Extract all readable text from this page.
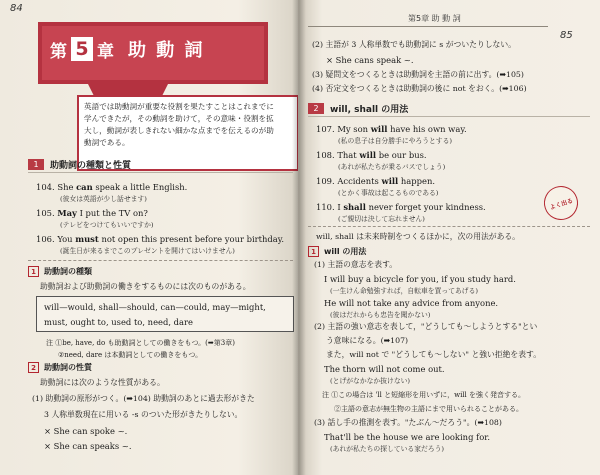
84
第 5 章 助 動 詞
英語では助動詞が重要な役割を果たすことはこれまでに
学んできたが，その動詞を助けて，その意味・役割を拡
大し，動詞が表しきれない細かな点までを伝えるのが助
動詞である。
1	助動詞の種類と性質
104. She can speak a little English.
(彼女は英語が少し話せます)
105. May I put the TV on?
(テレビをつけてもいいですか)
106. You must not open this present before your birthday.
(誕生日が来るまでこのプレゼントを開けてはいけません)
1	助動詞の種類
助動詞および助動詞の働きをするものには次のものがある。
will—would, shall—should, can—could, may—might,
must, ought to, used to, need, dare
注 ①be, have, do も助動詞としての働きをもつ。(➡第3章)
②need, dare は本動詞としての働きをもつ。
2	助動詞の性質
助動詞には次のような性質がある。
(1) 助動詞の原形がつく。(➡104) 助動詞のあとに過去形がきた
3 人称単数現在に用いる -s のついた形がきたりしない。
× She can spoke ~.
× She can speaks ~.
第5章 助 動 詞
85
(2) 主語が 3 人称単数でも助動詞に s がついたりしない。
× She cans speak ~.
(3) 疑問文をつくるときは助動詞を主語の前に出す。(➡105)
(4) 否定文をつくるときは助動詞の後に not をおく。(➡106)
2	will, shall の用法
107. My son will have his own way.
(私の息子は自分勝手にやろうとする)
108. That will be our bus.
(あれが私たちが乗るバスでしょう)
109. Accidents will happen.
(とかく事故は起こるものである)
110. I shall never forget your kindness.
(ご親切は決して忘れません)
よく出る
will, shall は未来時制をつくるほかに，次の用法がある。
1	will の用法
(1) 主語の意志を表す。
I will buy a bicycle for you, if you study hard.
(一生けん命勉強すれば，自転車を買ってあげる)
He will not take any advice from anyone.
(彼はだれからも忠告を聞かない)
(2) 主語の強い意志を表して，"どうしても～しようとする"とい
う意味になる。(➡107)
また，will not で "どうしても～しない" と強い拒絶を表す。
The thorn will not come out.
(とげがなかなか抜けない)
注 ①この場合は 'll と短縮形を用いずに，will を強く発音する。
②主語の意志が無生物の主語にまで用いられることがある。
(3) 話し手の推測を表す。"たぶん～だろう"。(➡108)
That'll be the house we are looking for.
(あれが私たちの探している家だろう)
